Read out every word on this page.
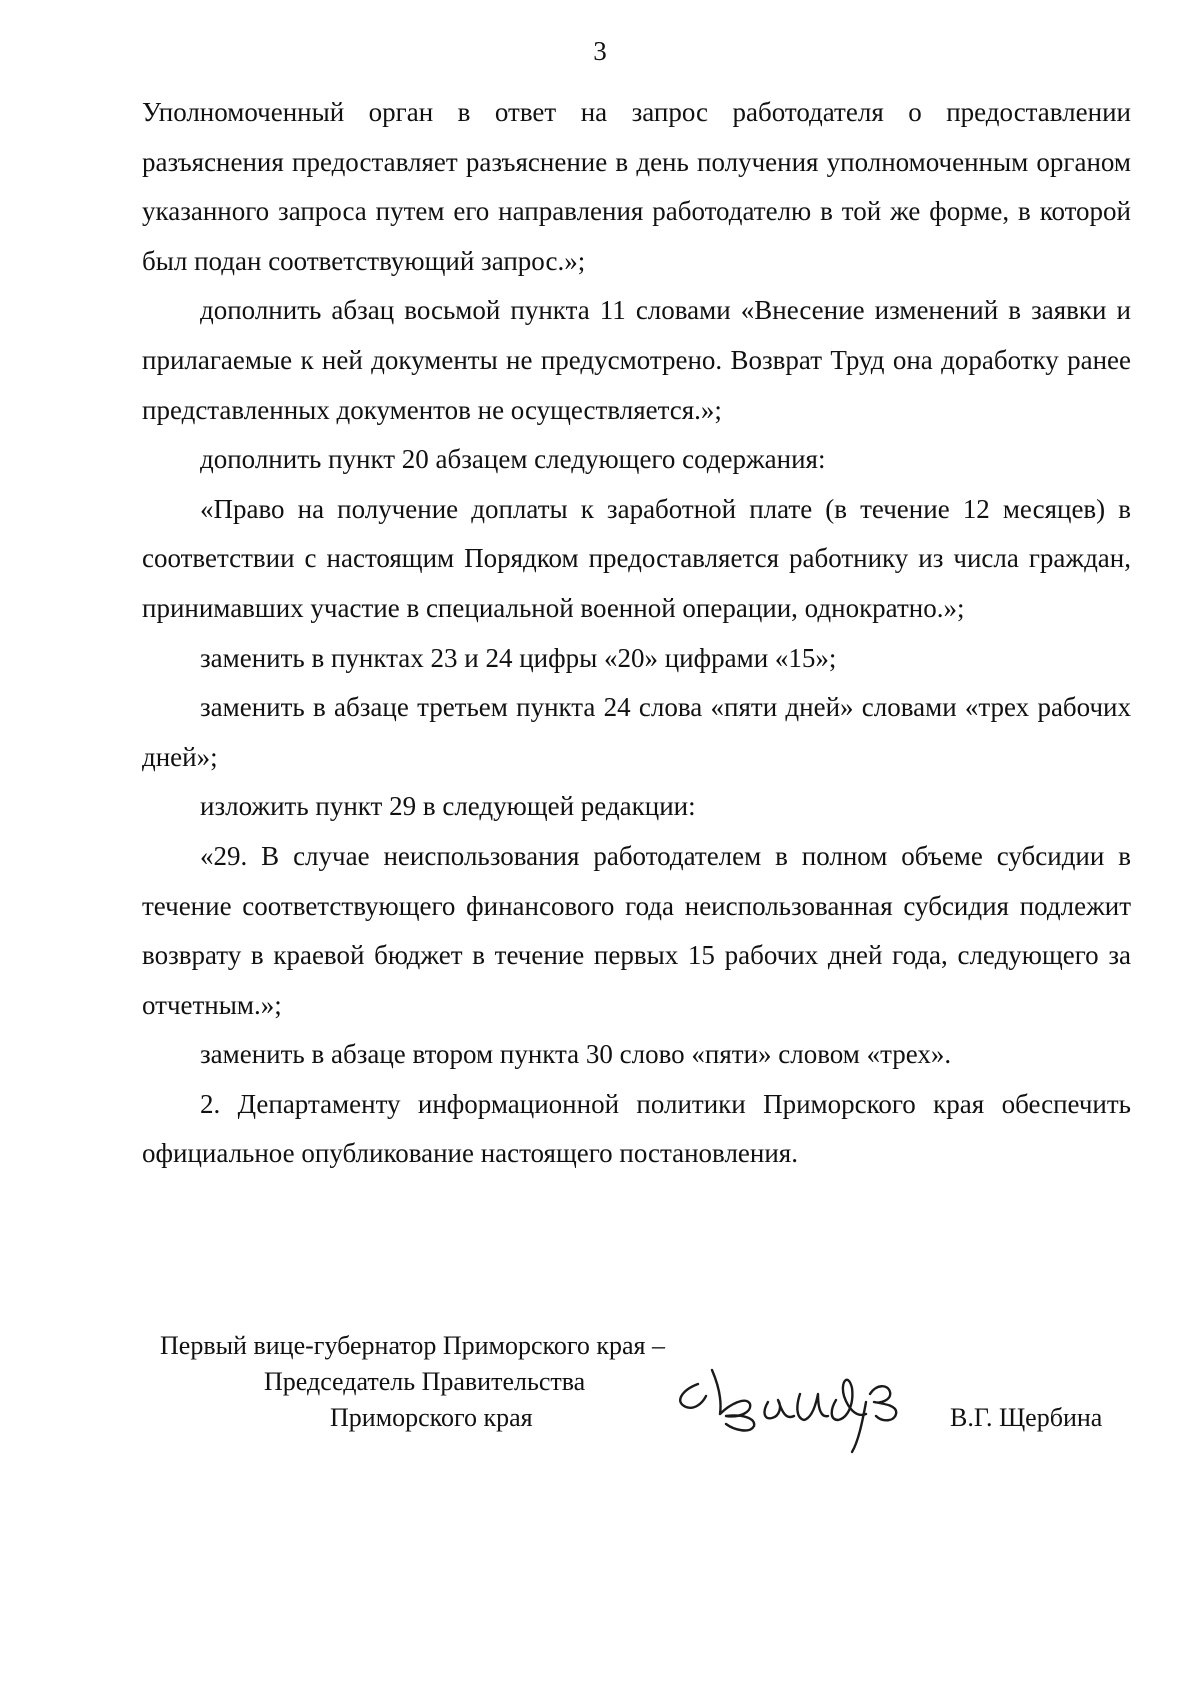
3

Уполномоченный орган в ответ на запрос работодателя о предоставлении разъяснения предоставляет разъяснение в день получения уполномоченным органом указанного запроса путем его направления работодателю в той же форме, в которой был подан соответствующий запрос.»;

дополнить абзац восьмой пункта 11 словами «Внесение изменений в заявки и прилагаемые к ней документы не предусмотрено. Возврат Труд она доработку ранее представленных документов не осуществляется.»;

дополнить пункт 20 абзацем следующего содержания:

«Право на получение доплаты к заработной плате (в течение 12 месяцев) в соответствии с настоящим Порядком предоставляется работнику из числа граждан, принимавших участие в специальной военной операции, однократно.»;

заменить в пунктах 23 и 24 цифры «20» цифрами «15»;

заменить в абзаце третьем пункта 24 слова «пяти дней» словами «трех рабочих дней»;

изложить пункт 29 в следующей редакции:

«29. В случае неиспользования работодателем в полном объеме субсидии в течение соответствующего финансового года неиспользованная субсидия подлежит возврату в краевой бюджет в течение первых 15 рабочих дней года, следующего за отчетным.»;

заменить в абзаце втором пункта 30 слово «пяти» словом «трех».

2. Департаменту информационной политики Приморского края обеспечить официальное опубликование настоящего постановления.

Первый вице-губернатор Приморского края –
Председатель Правительства
Приморского края	В.Г. Щербина
